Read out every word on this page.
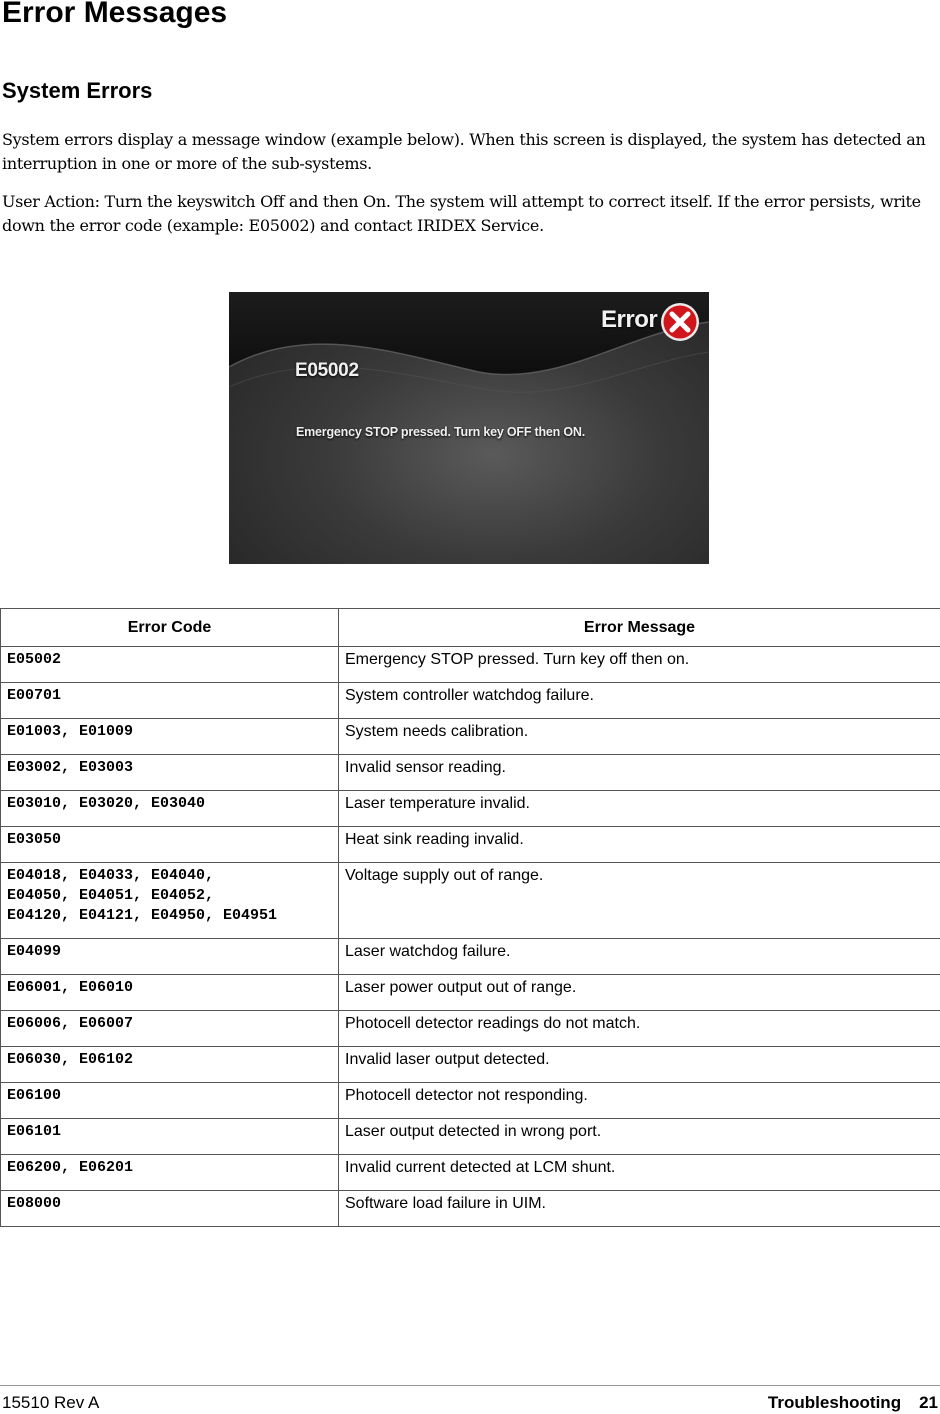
Error Messages
System Errors

System errors display a message window (example below). When this screen is displayed, the system has detected an interruption in one or more of the sub-systems.

User Action: Turn the keyswitch Off and then On. The system will attempt to correct itself. If the error persists, write down the error code (example: E05002) and contact IRIDEX Service.

Error
E05002
Emergency STOP pressed. Turn key OFF then ON.
Error Code	Error Message
E05002	Emergency STOP pressed. Turn key off then on.
E00701	System controller watchdog failure.
E01003, E01009	System needs calibration.
E03002, E03003	Invalid sensor reading.
E03010, E03020, E03040	Laser temperature invalid.
E03050	Heat sink reading invalid.

E04018, E04033, E04040,
E04050, E04051, E04052,
E04120, E04121, E04950, E04951	Voltage supply out of range.
E04099	Laser watchdog failure.
E06001, E06010	Laser power output out of range.
E06006, E06007	Photocell detector readings do not match.
E06030, E06102	Invalid laser output detected.
E06100	Photocell detector not responding.
E06101	Laser output detected in wrong port.
E06200, E06201	Invalid current detected at LCM shunt.
E08000	Software load failure in UIM.
15510 Rev A	Troubleshooting 21
